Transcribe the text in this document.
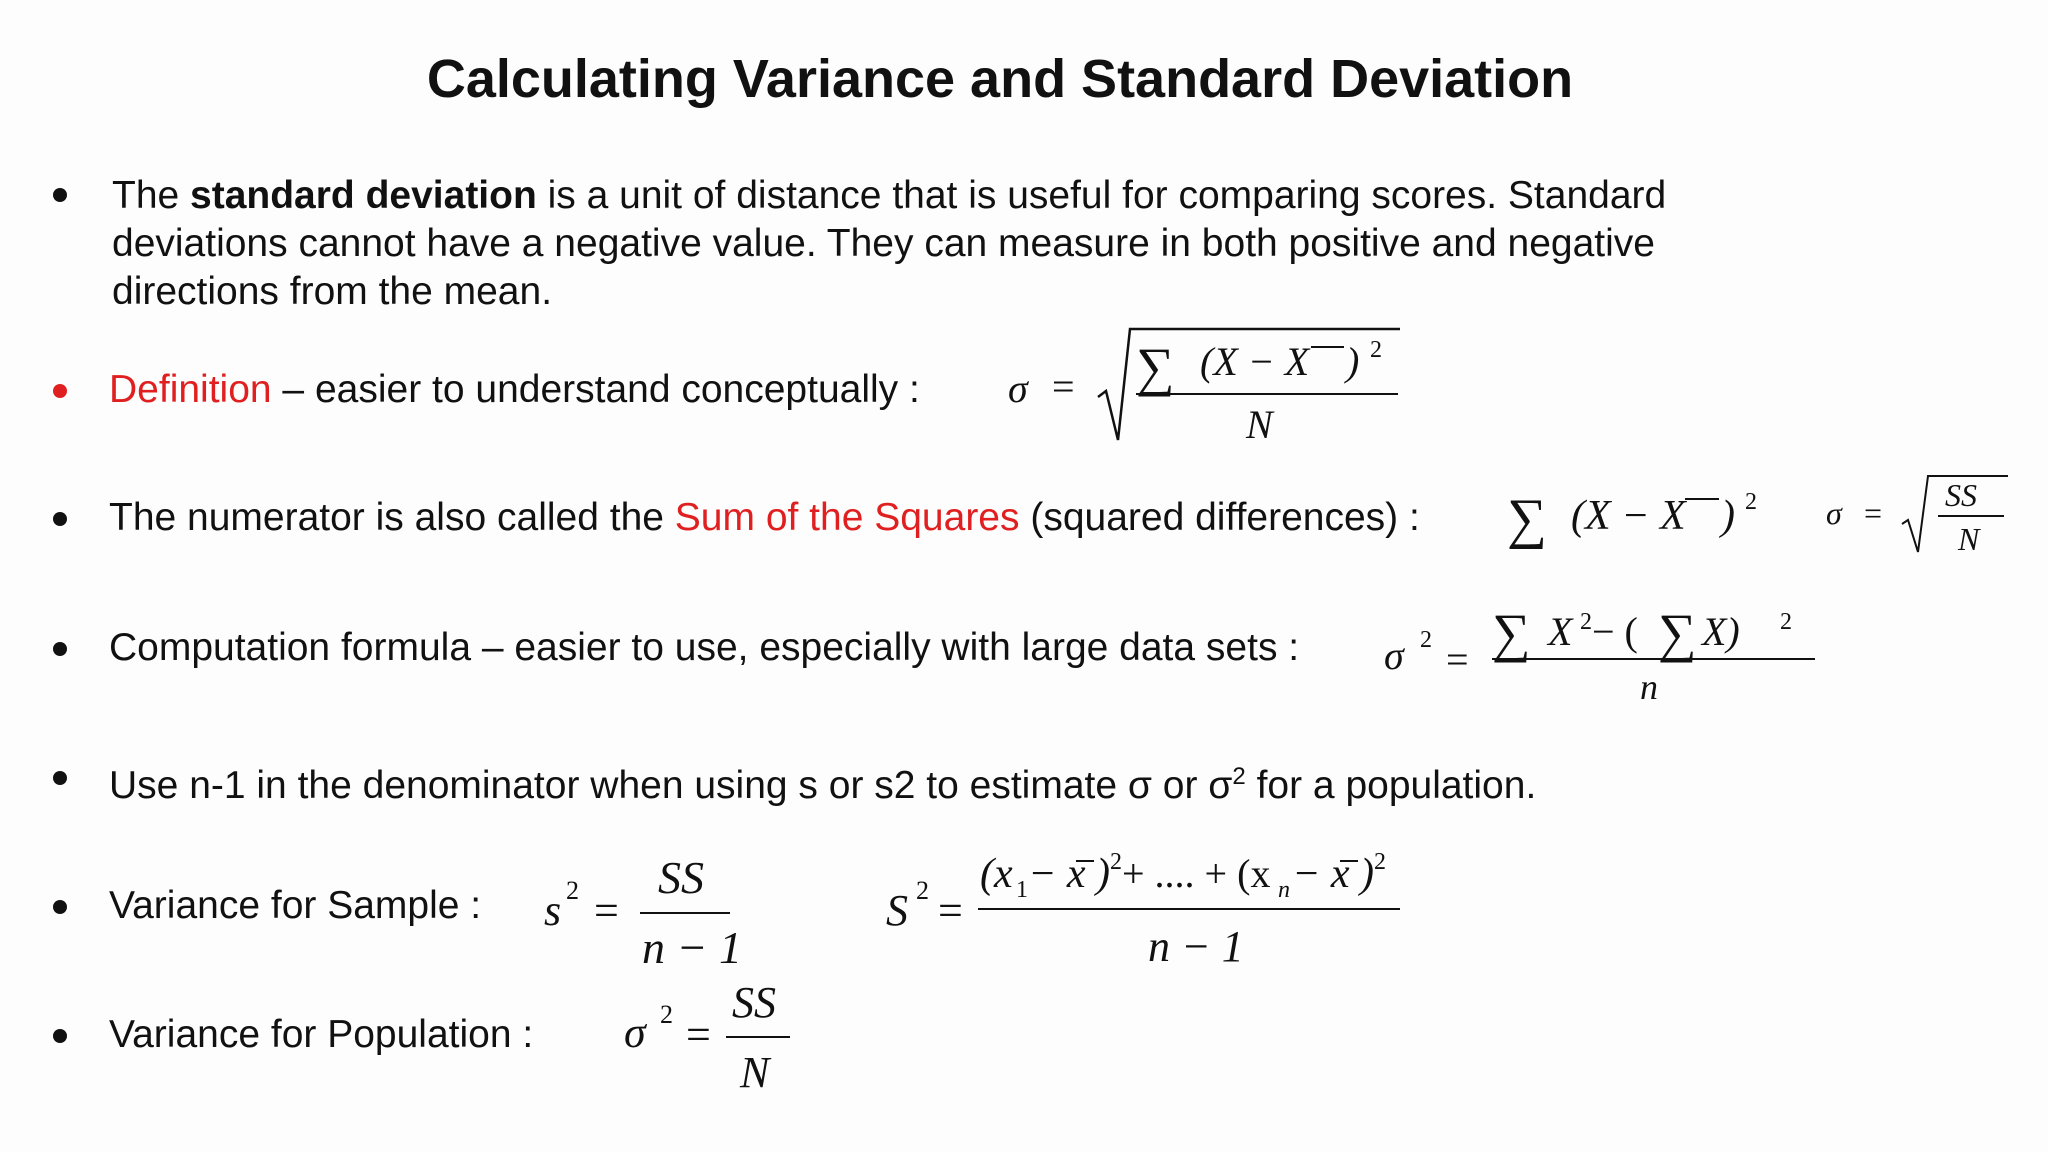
Calculating Variance and Standard Deviation
The standard deviation is a unit of distance that is useful for comparing scores. Standard
deviations cannot have a negative value. They can measure in both positive and negative
directions from the mean.
Definition – easier to understand conceptually : σ = ∑ (X − X ) 2
N
The numerator is also called the Sum of the Squares (squared differences) : ∑ (X − X ) 2 σ = SS
N
Computation formula – easier to use, especially with large data sets : σ 2 = ∑ X 2 − ( ∑ X) 2
n
Use n-1 in the denominator when using s or s2 to estimate σ or $\sigma^2$ for a population.
Variance for Sample : s 2 =
SS
n − 1
S 2 =
(x 1 − x ) 2 + .... + (x n − x ) 2
n − 1
Variance for Population : σ 2 =
SS
N
